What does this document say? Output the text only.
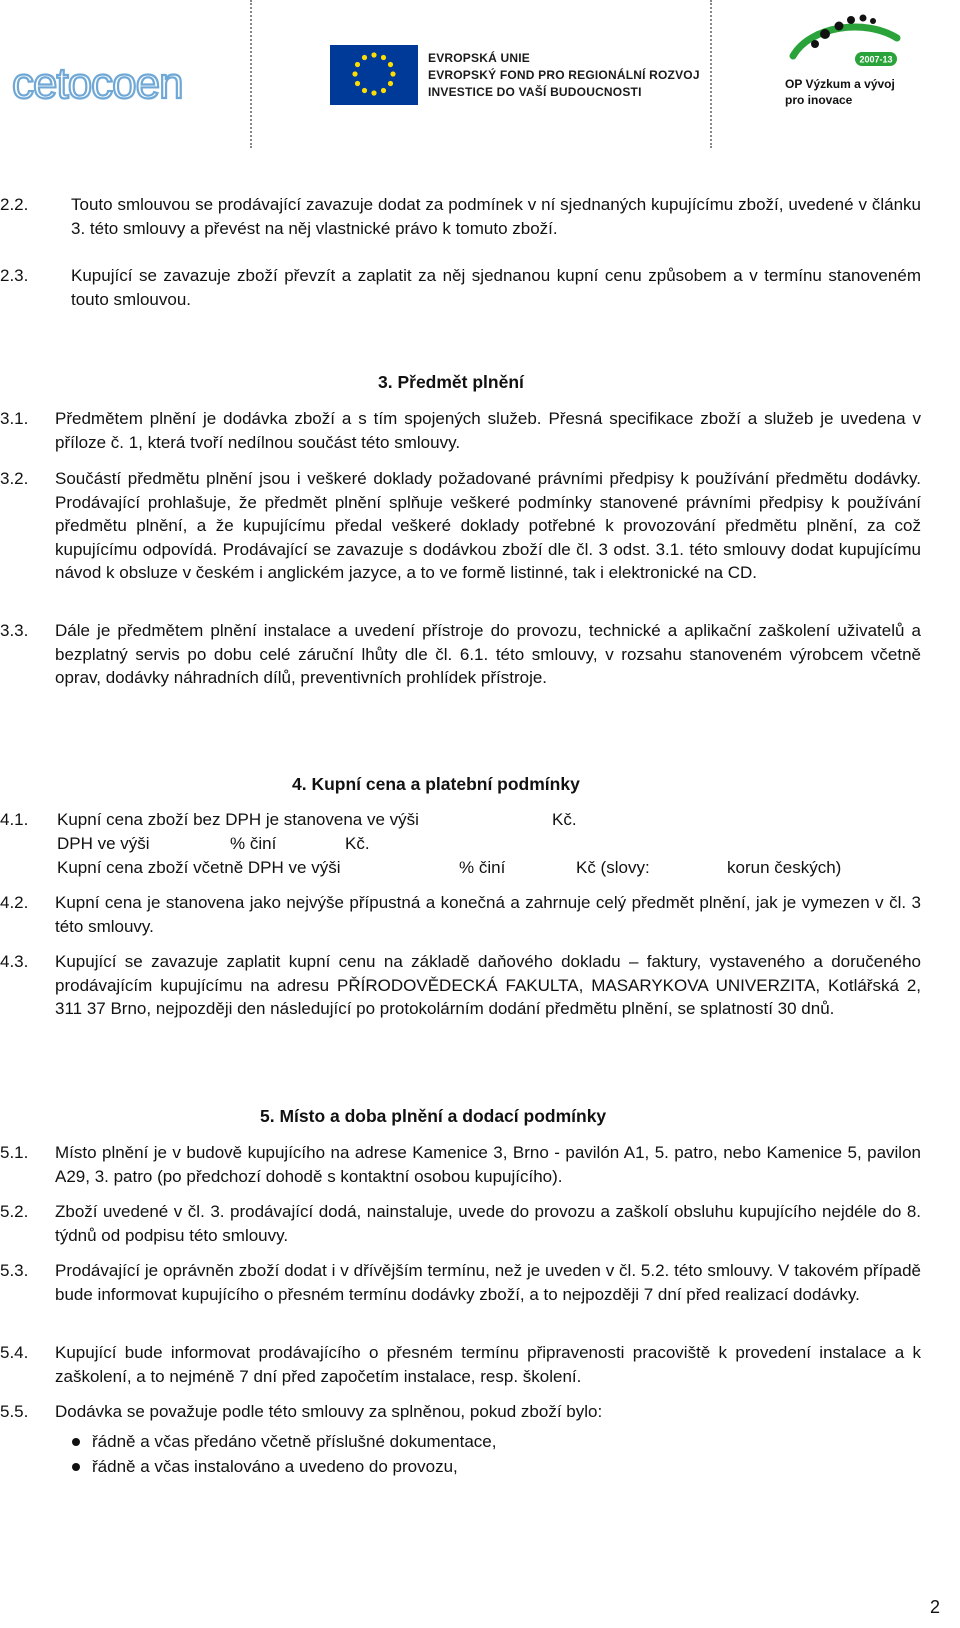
cetocoen
EVROPSKÁ UNIE
EVROPSKÝ FOND PRO REGIONÁLNÍ ROZVOJ
INVESTICE DO VAŠÍ BUDOUCNOSTI
2007-13
OP Výzkum a vývoj
pro inovace
2.2.	Touto smlouvou se prodávající zavazuje dodat za podmínek v ní sjednaných kupujícímu zboží, uvedené v článku 3. této smlouvy a převést na něj vlastnické právo k tomuto zboží.
2.3.	Kupující se zavazuje zboží převzít a zaplatit za něj sjednanou kupní cenu způsobem a v termínu stanoveném touto smlouvou.
3. Předmět plnění
3.1. Předmětem plnění je dodávka zboží a s tím spojených služeb. Přesná specifikace zboží a služeb je uvedena v příloze č. 1, která tvoří nedílnou součást této smlouvy.
3.2. Součástí předmětu plnění jsou i veškeré doklady požadované právními předpisy k používání předmětu dodávky. Prodávající prohlašuje, že předmět plnění splňuje veškeré podmínky stanovené právními předpisy k používání předmětu plnění, a že kupujícímu předal veškeré doklady potřebné k provozování předmětu plnění, za což kupujícímu odpovídá. Prodávající se zavazuje s dodávkou zboží dle čl. 3 odst. 3.1. této smlouvy dodat kupujícímu návod k obsluze v českém i anglickém jazyce, a to ve formě listinné, tak i elektronické na CD.
3.3. Dále je předmětem plnění instalace a uvedení přístroje do provozu, technické a aplikační zaškolení uživatelů a bezplatný servis po dobu celé záruční lhůty dle čl. 6.1. této smlouvy, v rozsahu stanoveném výrobcem včetně oprav, dodávky náhradních dílů, preventivních prohlídek přístroje.
4. Kupní cena a platební podmínky
4.1. Kupní cena zboží bez DPH je stanovena ve výši	Kč.
DPH ve výši	% činí	Kč.
Kupní cena zboží včetně DPH ve výši	% činí	Kč (slovy:	korun českých)
4.2. Kupní cena je stanovena jako nejvýše přípustná a konečná a zahrnuje celý předmět plnění, jak je vymezen v čl. 3 této smlouvy.
4.3. Kupující se zavazuje zaplatit kupní cenu na základě daňového dokladu – faktury, vystaveného a doručeného prodávajícím kupujícímu na adresu PŘÍRODOVĚDECKÁ FAKULTA, MASARYKOVA UNIVERZITA, Kotlářská 2, 311 37 Brno, nejpozději den následující po protokolárním dodání předmětu plnění, se splatností 30 dnů.
5. Místo a doba plnění a dodací podmínky
5.1. Místo plnění je v budově kupujícího na adrese Kamenice 3, Brno - pavilón A1, 5. patro, nebo Kamenice 5, pavilon A29, 3. patro (po předchozí dohodě s kontaktní osobou kupujícího).
5.2. Zboží uvedené v čl. 3. prodávající dodá, nainstaluje, uvede do provozu a zaškolí obsluhu kupujícího nejdéle do 8. týdnů od podpisu této smlouvy.
5.3. Prodávající je oprávněn zboží dodat i v dřívějším termínu, než je uveden v čl. 5.2. této smlouvy. V takovém případě bude informovat kupujícího o přesném termínu dodávky zboží, a to nejpozději 7 dní před realizací dodávky.
5.4. Kupující bude informovat prodávajícího o přesném termínu připravenosti pracoviště k provedení instalace a k zaškolení, a to nejméně 7 dní před započetím instalace, resp. školení.
5.5. Dodávka se považuje podle této smlouvy za splněnou, pokud zboží bylo:
řádně a včas předáno včetně příslušné dokumentace,
řádně a včas instalováno a uvedeno do provozu,
2
